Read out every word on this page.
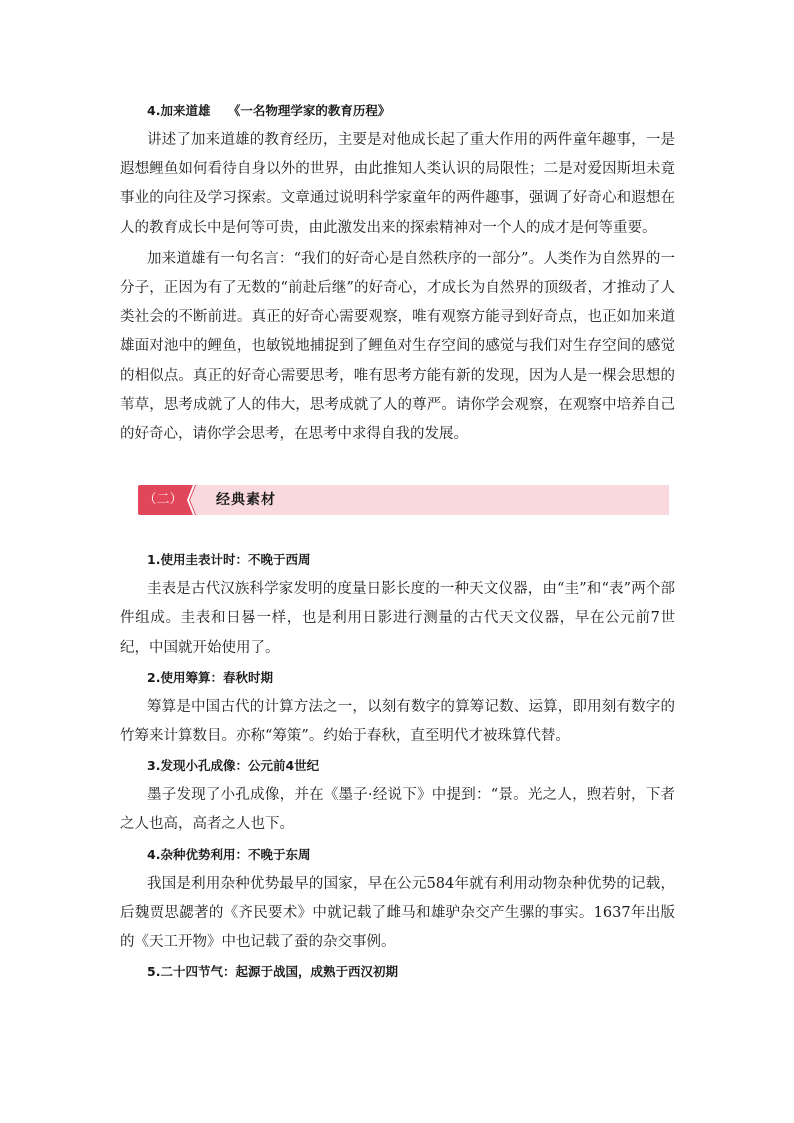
4.加来道雄    《一名物理学家的教育历程》

讲述了加来道雄的教育经历，主要是对他成长起了重大作用的两件童年趣事，一是遐想鲤鱼如何看待自身以外的世界，由此推知人类认识的局限性；二是对爱因斯坦未竟事业的向往及学习探索。文章通过说明科学家童年的两件趣事，强调了好奇心和遐想在人的教育成长中是何等可贵，由此激发出来的探索精神对一个人的成才是何等重要。

加来道雄有一句名言：“我们的好奇心是自然秩序的一部分”。人类作为自然界的一分子，正因为有了无数的“前赴后继”的好奇心，才成长为自然界的顶级者，才推动了人类社会的不断前进。真正的好奇心需要观察，唯有观察方能寻到好奇点，也正如加来道雄面对池中的鲤鱼，也敏锐地捕捉到了鲤鱼对生存空间的感觉与我们对生存空间的感觉的相似点。真正的好奇心需要思考，唯有思考方能有新的发现，因为人是一棵会思想的苇草，思考成就了人的伟大，思考成就了人的尊严。请你学会观察，在观察中培养自己的好奇心，请你学会思考，在思考中求得自我的发展。

（二）	经典素材
1.使用圭表计时：不晚于西周

圭表是古代汉族科学家发明的度量日影长度的一种天文仪器，由“圭”和“表”两个部件组成。圭表和日晷一样，也是利用日影进行测量的古代天文仪器，早在公元前7世纪，中国就开始使用了。

2.使用筹算：春秋时期

筹算是中国古代的计算方法之一，以刻有数字的算筹记数、运算，即用刻有数字的竹筹来计算数目。亦称“筹策”。约始于春秋，直至明代才被珠算代替。

3.发现小孔成像：公元前4世纪

墨子发现了小孔成像，并在《墨子·经说下》中提到：“景。光之人，煦若射，下者之人也高，高者之人也下。

4.杂种优势利用：不晚于东周

我国是利用杂种优势最早的国家，早在公元584年就有利用动物杂种优势的记载，后魏贾思勰著的《齐民要术》中就记载了雌马和雄驴杂交产生骡的事实。1637年出版的《天工开物》中也记载了蚕的杂交事例。

5.二十四节气：起源于战国，成熟于西汉初期
